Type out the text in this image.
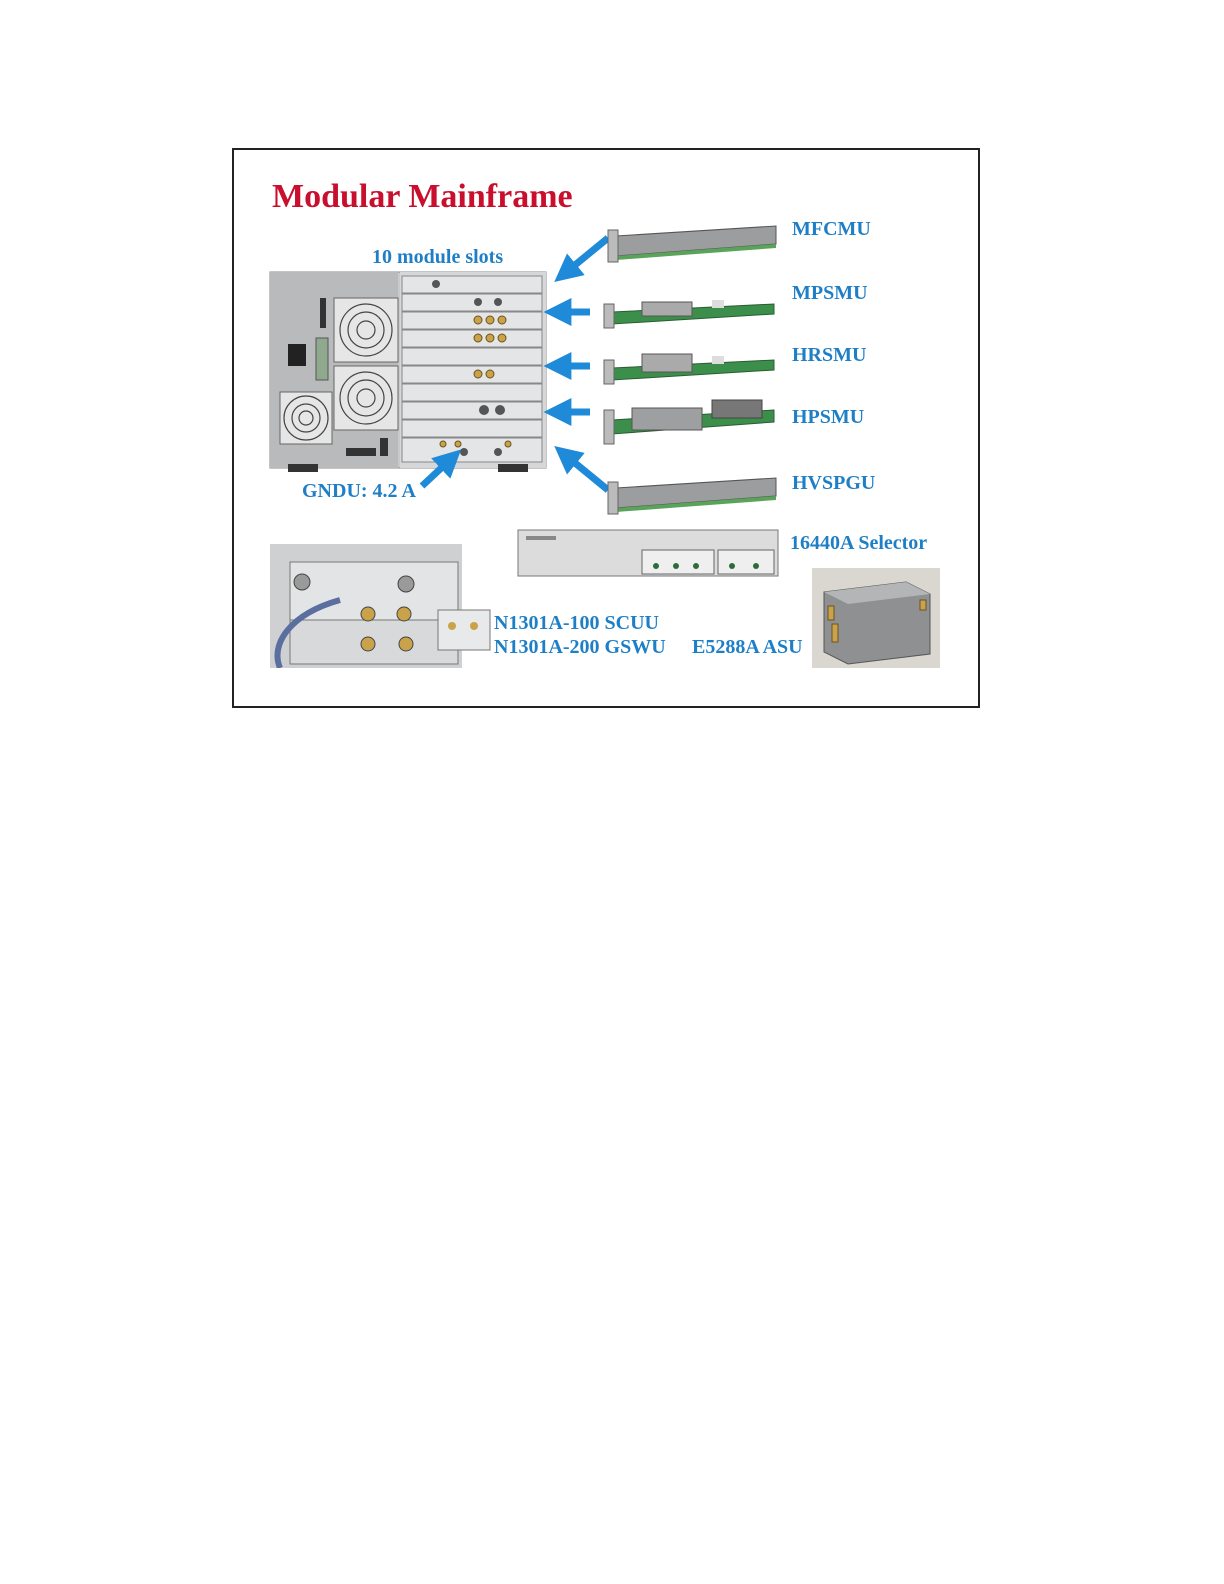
Modular Mainframe
10 module slots
GNDU: 4.2 A
MFCMU
MPSMU
HRSMU
HPSMU
HVSPGU
16440A Selector
N1301A-100 SCUU
N1301A-200 GSWU E5288A ASU
